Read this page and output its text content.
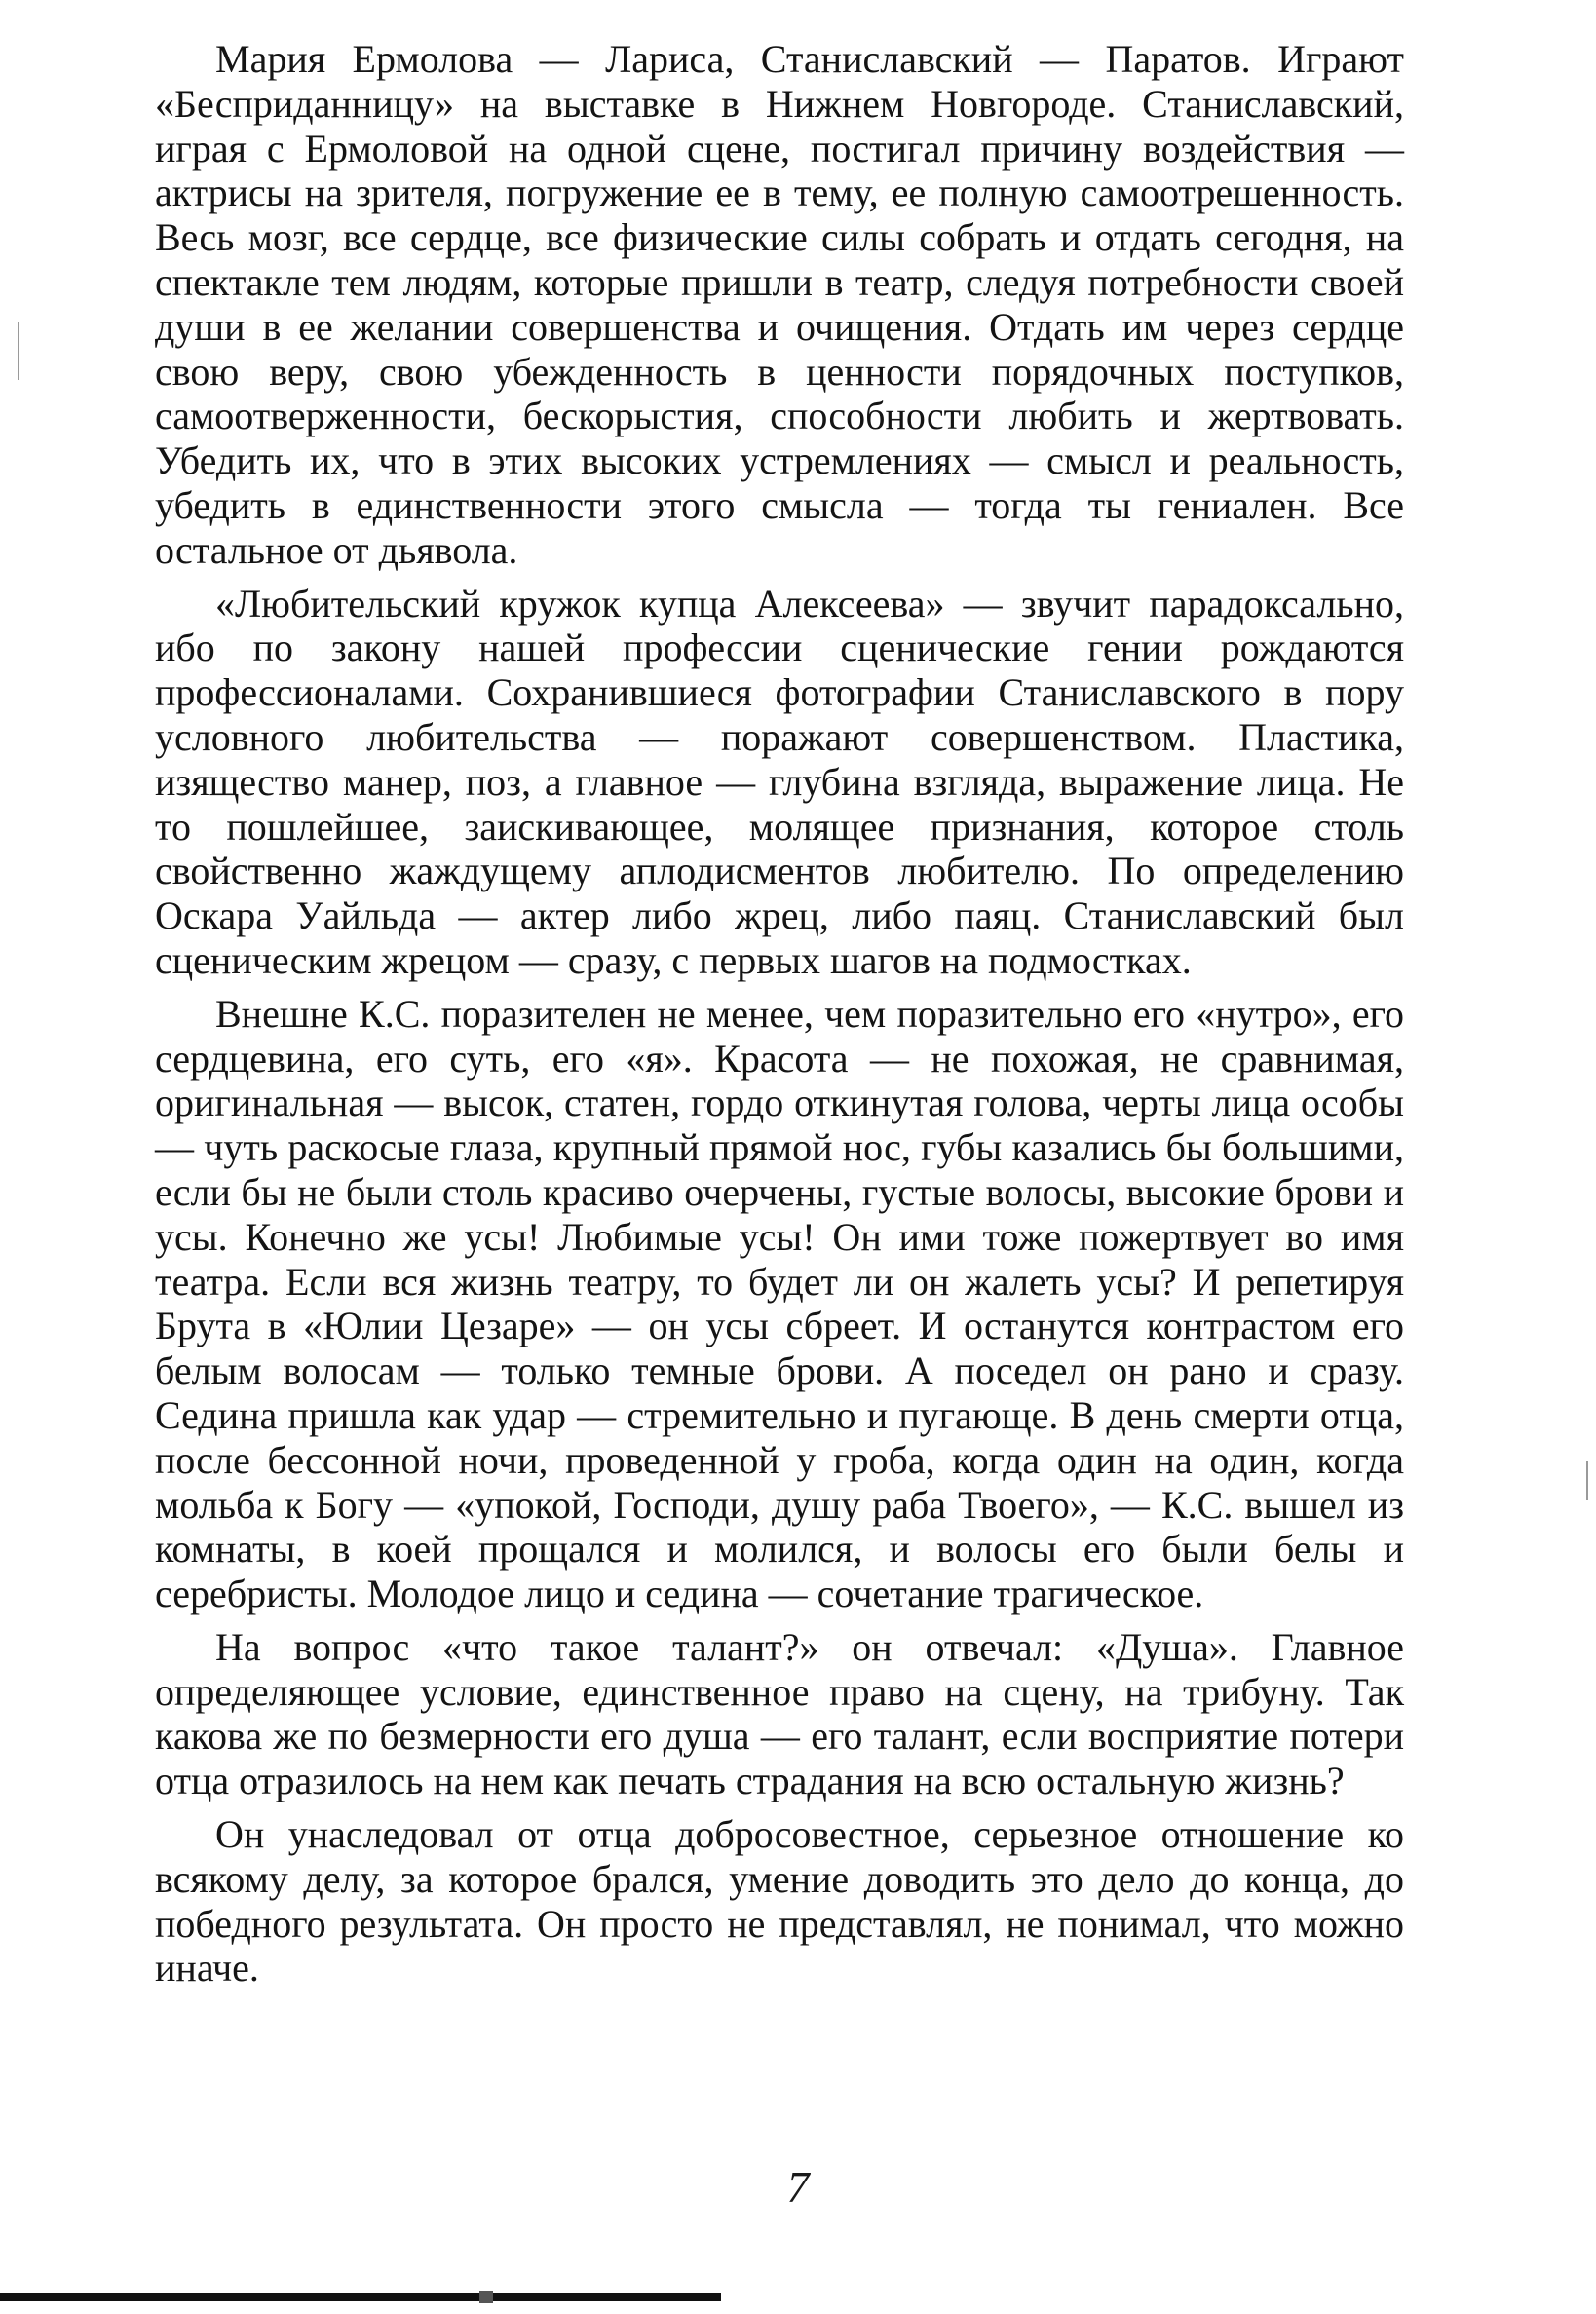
Мария Ермолова — Лариса, Станиславский — Паратов. Играют «Бесприданницу» на выставке в Нижнем Новгороде. Станиславский, играя с Ермоловой на одной сцене, постигал причину воздействия — актрисы на зрителя, погружение ее в тему, ее полную самоотрешенность. Весь мозг, все сердце, все физические силы собрать и отдать сегодня, на спектакле тем людям, которые пришли в театр, следуя потребности своей души в ее желании совершенства и очищения. Отдать им через сердце свою веру, свою убежденность в ценности порядочных поступков, самоотверженности, бескорыстия, способности любить и жертвовать. Убедить их, что в этих высоких устремлениях — смысл и реальность, убедить в единственности этого смысла — тогда ты гениален. Все остальное от дьявола.

«Любительский кружок купца Алексеева» — звучит парадоксально, ибо по закону нашей профессии сценические гении рождаются профессионалами. Сохранившиеся фотографии Станиславского в пору условного любительства — поражают совершенством. Пластика, изящество манер, поз, а главное — глубина взгляда, выражение лица. Не то пошлейшее, заискивающее, молящее признания, которое столь свойственно жаждущему аплодисментов любителю. По определению Оскара Уайльда — актер либо жрец, либо паяц. Станиславский был сценическим жрецом — сразу, с первых шагов на подмостках.

Внешне К.С. поразителен не менее, чем поразительно его «нутро», его сердцевина, его суть, его «я». Красота — не похожая, не сравнимая, оригинальная — высок, статен, гордо откинутая голова, черты лица особы — чуть раскосые глаза, крупный прямой нос, губы казались бы большими, если бы не были столь красиво очерчены, густые волосы, высокие брови и усы. Конечно же усы! Любимые усы! Он ими тоже пожертвует во имя театра. Если вся жизнь театру, то будет ли он жалеть усы? И репетируя Брута в «Юлии Цезаре» — он усы сбреет. И останутся контрастом его белым волосам — только темные брови. А поседел он рано и сразу. Седина пришла как удар — стремительно и пугающе. В день смерти отца, после бессонной ночи, проведенной у гроба, когда один на один, когда мольба к Богу — «упокой, Господи, душу раба Твоего», — К.С. вышел из комнаты, в коей прощался и молился, и волосы его были белы и серебристы. Молодое лицо и седина — сочетание трагическое.

На вопрос «что такое талант?» он отвечал: «Душа». Главное определяющее условие, единственное право на сцену, на трибуну. Так какова же по безмерности его душа — его талант, если восприятие потери отца отразилось на нем как печать страдания на всю остальную жизнь?

Он унаследовал от отца добросовестное, серьезное отношение ко всякому делу, за которое брался, умение доводить это дело до конца, до победного результата. Он просто не представлял, не понимал, что можно иначе.

7
